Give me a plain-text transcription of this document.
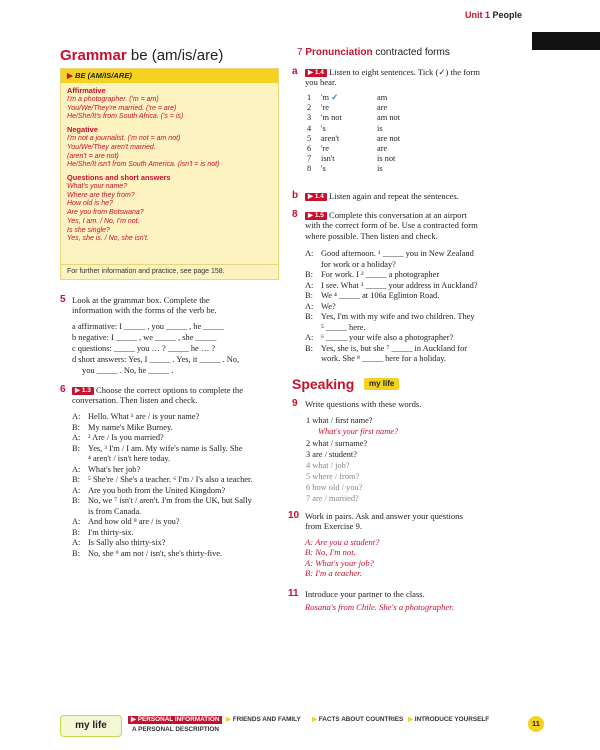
Unit 1 People
Grammar be (am/is/are)
▶ BE (AM/IS/ARE)
Affirmative
I'm a photographer. ('m = am)
You/We/They're married. ('re = are)
He/She/It's from South Africa. ('s = is)
Negative
I'm not a journalist. ('m not = am not)
You/We/They aren't married.
(aren't = are not)
He/She/It isn't from South America. (isn't = is not)
Questions and short answers
What's your name?
Where are they from?
How old is he?
Are you from Botswana?
Yes, I am. / No, I'm not.
Is she single?
Yes, she is. / No, she isn't.
For further information and practice, see page 158.
5 Look at the grammar box. Complete the
information with the forms of the verb be.
a affirmative: I _____ , you _____ , he _____
b negative: I _____ , we _____ , she _____
c questions: _____ you … ? _____ he … ?
d short answers: Yes, I _____ . Yes, it _____ . No,
you _____ . No, he _____ .
6	▶ 1.3 Choose the correct options to complete the
conversation. Then listen and check.
A: Hello. What ¹ are / is your name?
B: My name's Mike Burney.
A: ² Are / Is you married?
B: Yes, ³ I'm / I am. My wife's name is Sally. She
⁴ aren't / isn't here today.
A: What's her job?
B: ⁵ She're / She's a teacher. ⁶ I'm / I's also a teacher.
A: Are you both from the United Kingdom?
B: No, we ⁷ isn't / aren't. I'm from the UK, but Sally
is from Canada.
A: And how old ⁸ are / is you?
B: I'm thirty-six.
A: Is Sally also thirty-six?
B: No, she ⁹ am not / isn't, she's thirty-five.
7 Pronunciation contracted forms
a	▶ 1.4 Listen to eight sentences. Tick (✓) the form
you hear.
1 'm ✓	am
2 're	are
3 'm not	am not
4 's	is
5 aren't	are not
6 're	are
7 isn't	is not
8 's	is
b	▶ 1.4 Listen again and repeat the sentences.
8	▶ 1.5 Complete this conversation at an airport
with the correct form of be. Use a contracted form
where possible. Then listen and check.
A: Good afternoon. ¹ _____ you in New Zealand
for work or a holiday?
B: For work. I ² _____ a photographer
A: I see. What ³ _____ your address in Auckland?
B: We ⁴ _____ at 106a Eglinton Road.
A: We?
B: Yes, I'm with my wife and two children. They
⁵ _____ here.
A: ⁶ _____ your wife also a photographer?
B: Yes, she is, but she ⁷ _____ in Auckland for
work. She ⁸ _____ here for a holiday.
Speaking	my life
9 Write questions with these words.
1 what / first name?
What's your first name?
2 what / surname?
3 are / student?
4 what / job?
5 where / from?
6 how old / you?
7 are / married?
10 Work in pairs. Ask and answer your questions
from Exercise 9.
A: Are you a student?
B: No, I'm not.
A: What's your job?
B: I'm a teacher.
11 Introduce your partner to the class.
Rosana's from Chile. She's a photographer.
my life
▶ PERSONAL INFORMATION	▶ FRIENDS AND FAMILY ▶ FACTS ABOUT COUNTRIES ▶ INTRODUCE YOURSELF
A PERSONAL DESCRIPTION
11
